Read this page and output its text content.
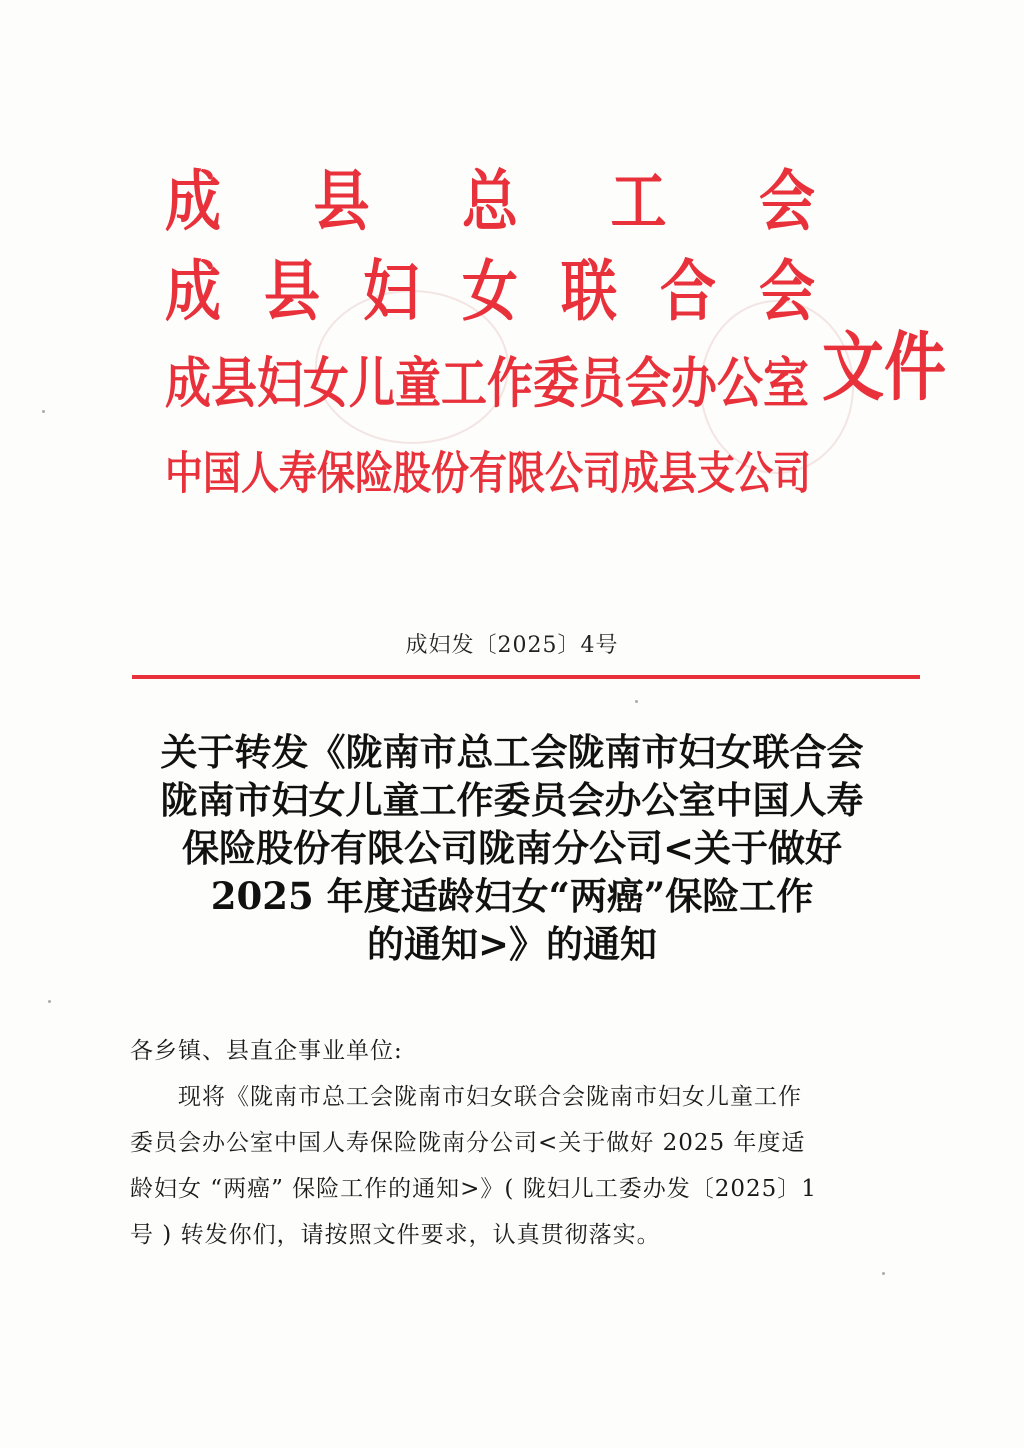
成 县 总 工 会
成 县 妇 女 联 合 会
成县妇女儿童工作委员会办公室
中国人寿保险股份有限公司成县支公司
文件
成妇发〔2025〕4号
关于转发《陇南市总工会陇南市妇女联合会
陇南市妇女儿童工作委员会办公室中国人寿
保险股份有限公司陇南分公司<关于做好
2025 年度适龄妇女“两癌”保险工作
的通知>》的通知
各乡镇、县直企事业单位:
现将《陇南市总工会陇南市妇女联合会陇南市妇女儿童工作
委员会办公室中国人寿保险陇南分公司<关于做好 2025 年度适
龄妇女 “两癌” 保险工作的通知>》( 陇妇儿工委办发〔2025〕1
号 ) 转发你们，请按照文件要求，认真贯彻落实。
